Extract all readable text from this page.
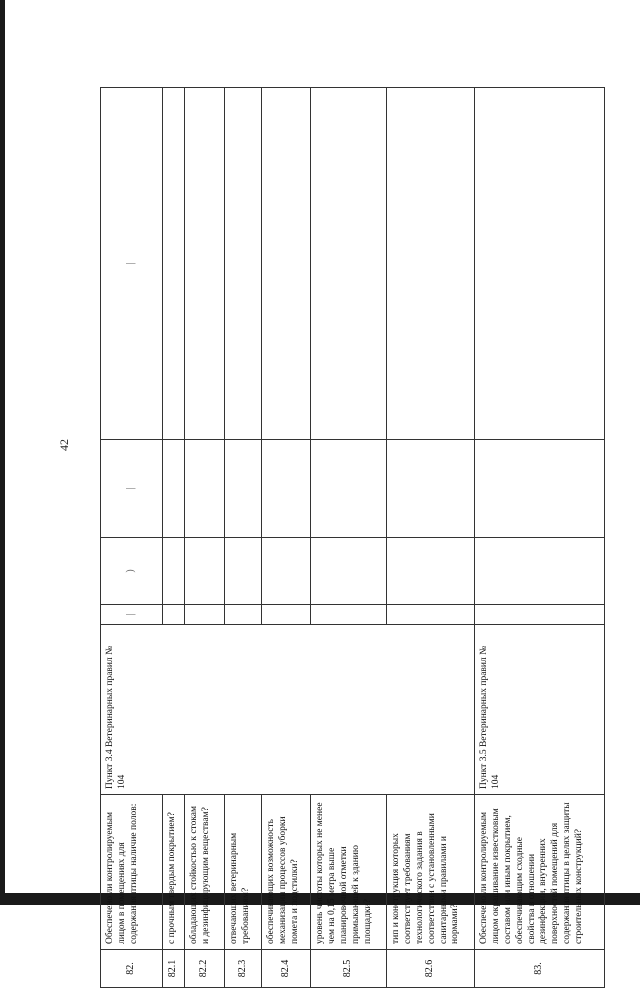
42
82.	Обеспечено ли контролируемым лицом в помещениях для содержания птицы наличие полов:	Пункт 3.4 Ветеринарных правил № 104	|	)	|	|
82.1	с прочным твердым покрытием?					
82.2	обладающих стойкостью к стокам и дезинфицирующим веществам?					
82.3	отвечающих ветеринарным требованиям?					
82.4	обеспечивающих возможность механизации процессов уборки помета и подстилки?					
82.5	уровень чистоты которых не менее чем на 0,15 метра выше планировочной отметки примыкающей к зданию площадки?					
82.6	тип и конструкция которых соответствует требованиям технологического задания в соответствии с установленными санитарными правилами и нормами?					
83.	Обеспечено ли контролируемым лицом окрашивание известковым составом или иным покрытием, обеспечивающим сходные свойства в отношении дезинфекции, внутренних поверхностей помещений для содержания птицы в целях защиты строительных конструкций?	Пункт 3.5 Ветеринарных правил № 104				
